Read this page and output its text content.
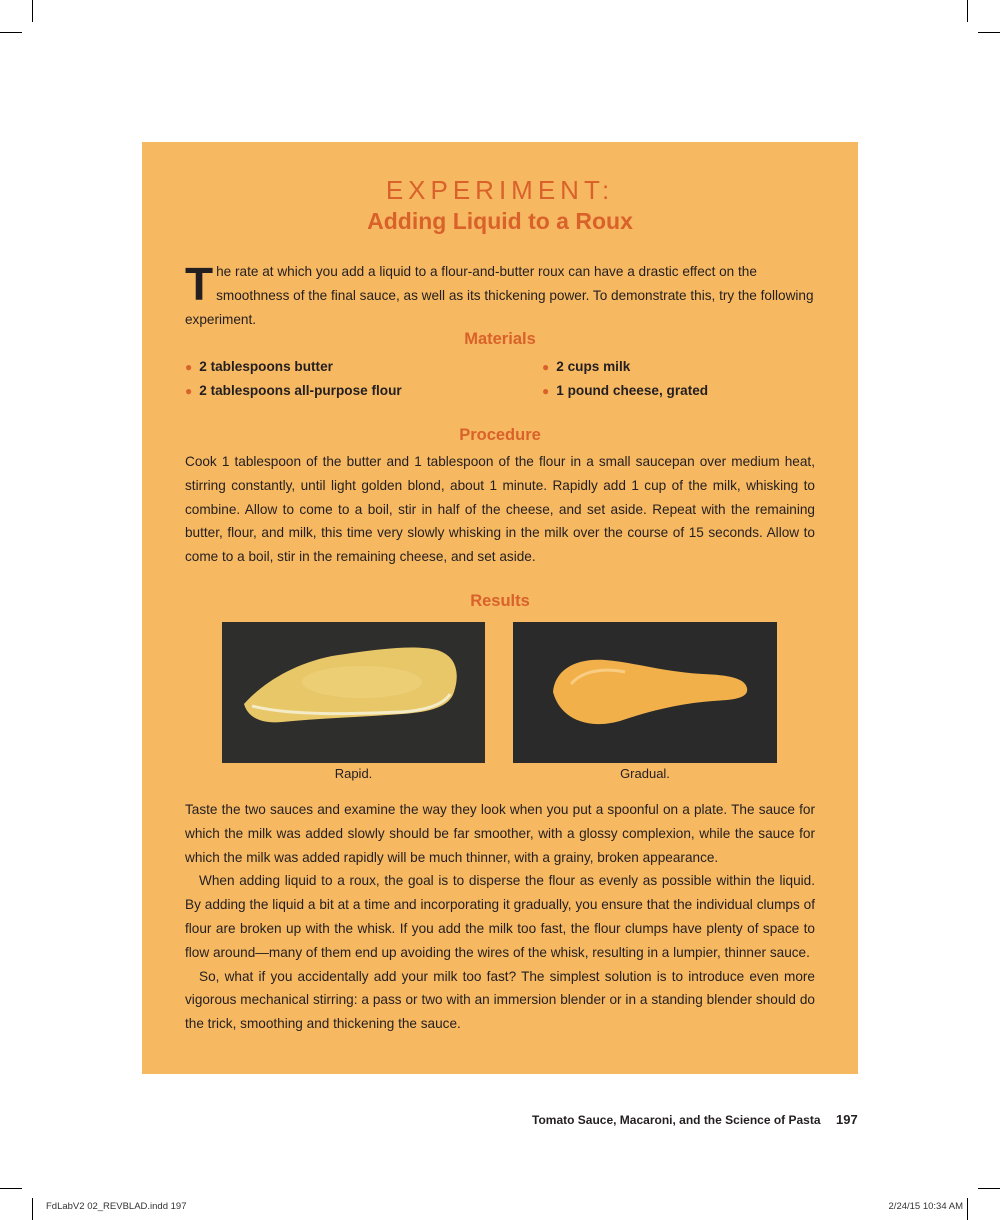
EXPERIMENT:
Adding Liquid to a Roux
The rate at which you add a liquid to a flour-and-butter roux can have a drastic effect on the smoothness of the final sauce, as well as its thickening power. To demonstrate this, try the following experiment.
Materials
● 2 tablespoons butter
● 2 tablespoons all-purpose flour
● 2 cups milk
● 1 pound cheese, grated
Procedure
Cook 1 tablespoon of the butter and 1 tablespoon of the flour in a small saucepan over medium heat, stirring constantly, until light golden blond, about 1 minute. Rapidly add 1 cup of the milk, whisking to combine. Allow to come to a boil, stir in half of the cheese, and set aside. Repeat with the remaining butter, flour, and milk, this time very slowly whisking in the milk over the course of 15 seconds. Allow to come to a boil, stir in the remaining cheese, and set aside.
Results
Rapid.	Gradual.

Taste the two sauces and examine the way they look when you put a spoonful on a plate. The sauce for which the milk was added slowly should be far smoother, with a glossy complexion, while the sauce for which the milk was added rapidly will be much thinner, with a grainy, broken appearance.

When adding liquid to a roux, the goal is to disperse the flour as evenly as possible within the liquid. By adding the liquid a bit at a time and incorporating it gradually, you ensure that the individual clumps of flour are broken up with the whisk. If you add the milk too fast, the flour clumps have plenty of space to flow around—many of them end up avoiding the wires of the whisk, resulting in a lumpier, thinner sauce.

So, what if you accidentally add your milk too fast? The simplest solution is to introduce even more vigorous mechanical stirring: a pass or two with an immersion blender or in a standing blender should do the trick, smoothing and thickening the sauce.

Tomato Sauce, Macaroni, and the Science of Pasta 197
FdLabV2 02_REVBLAD.indd 197	2/24/15 10:34 AM
